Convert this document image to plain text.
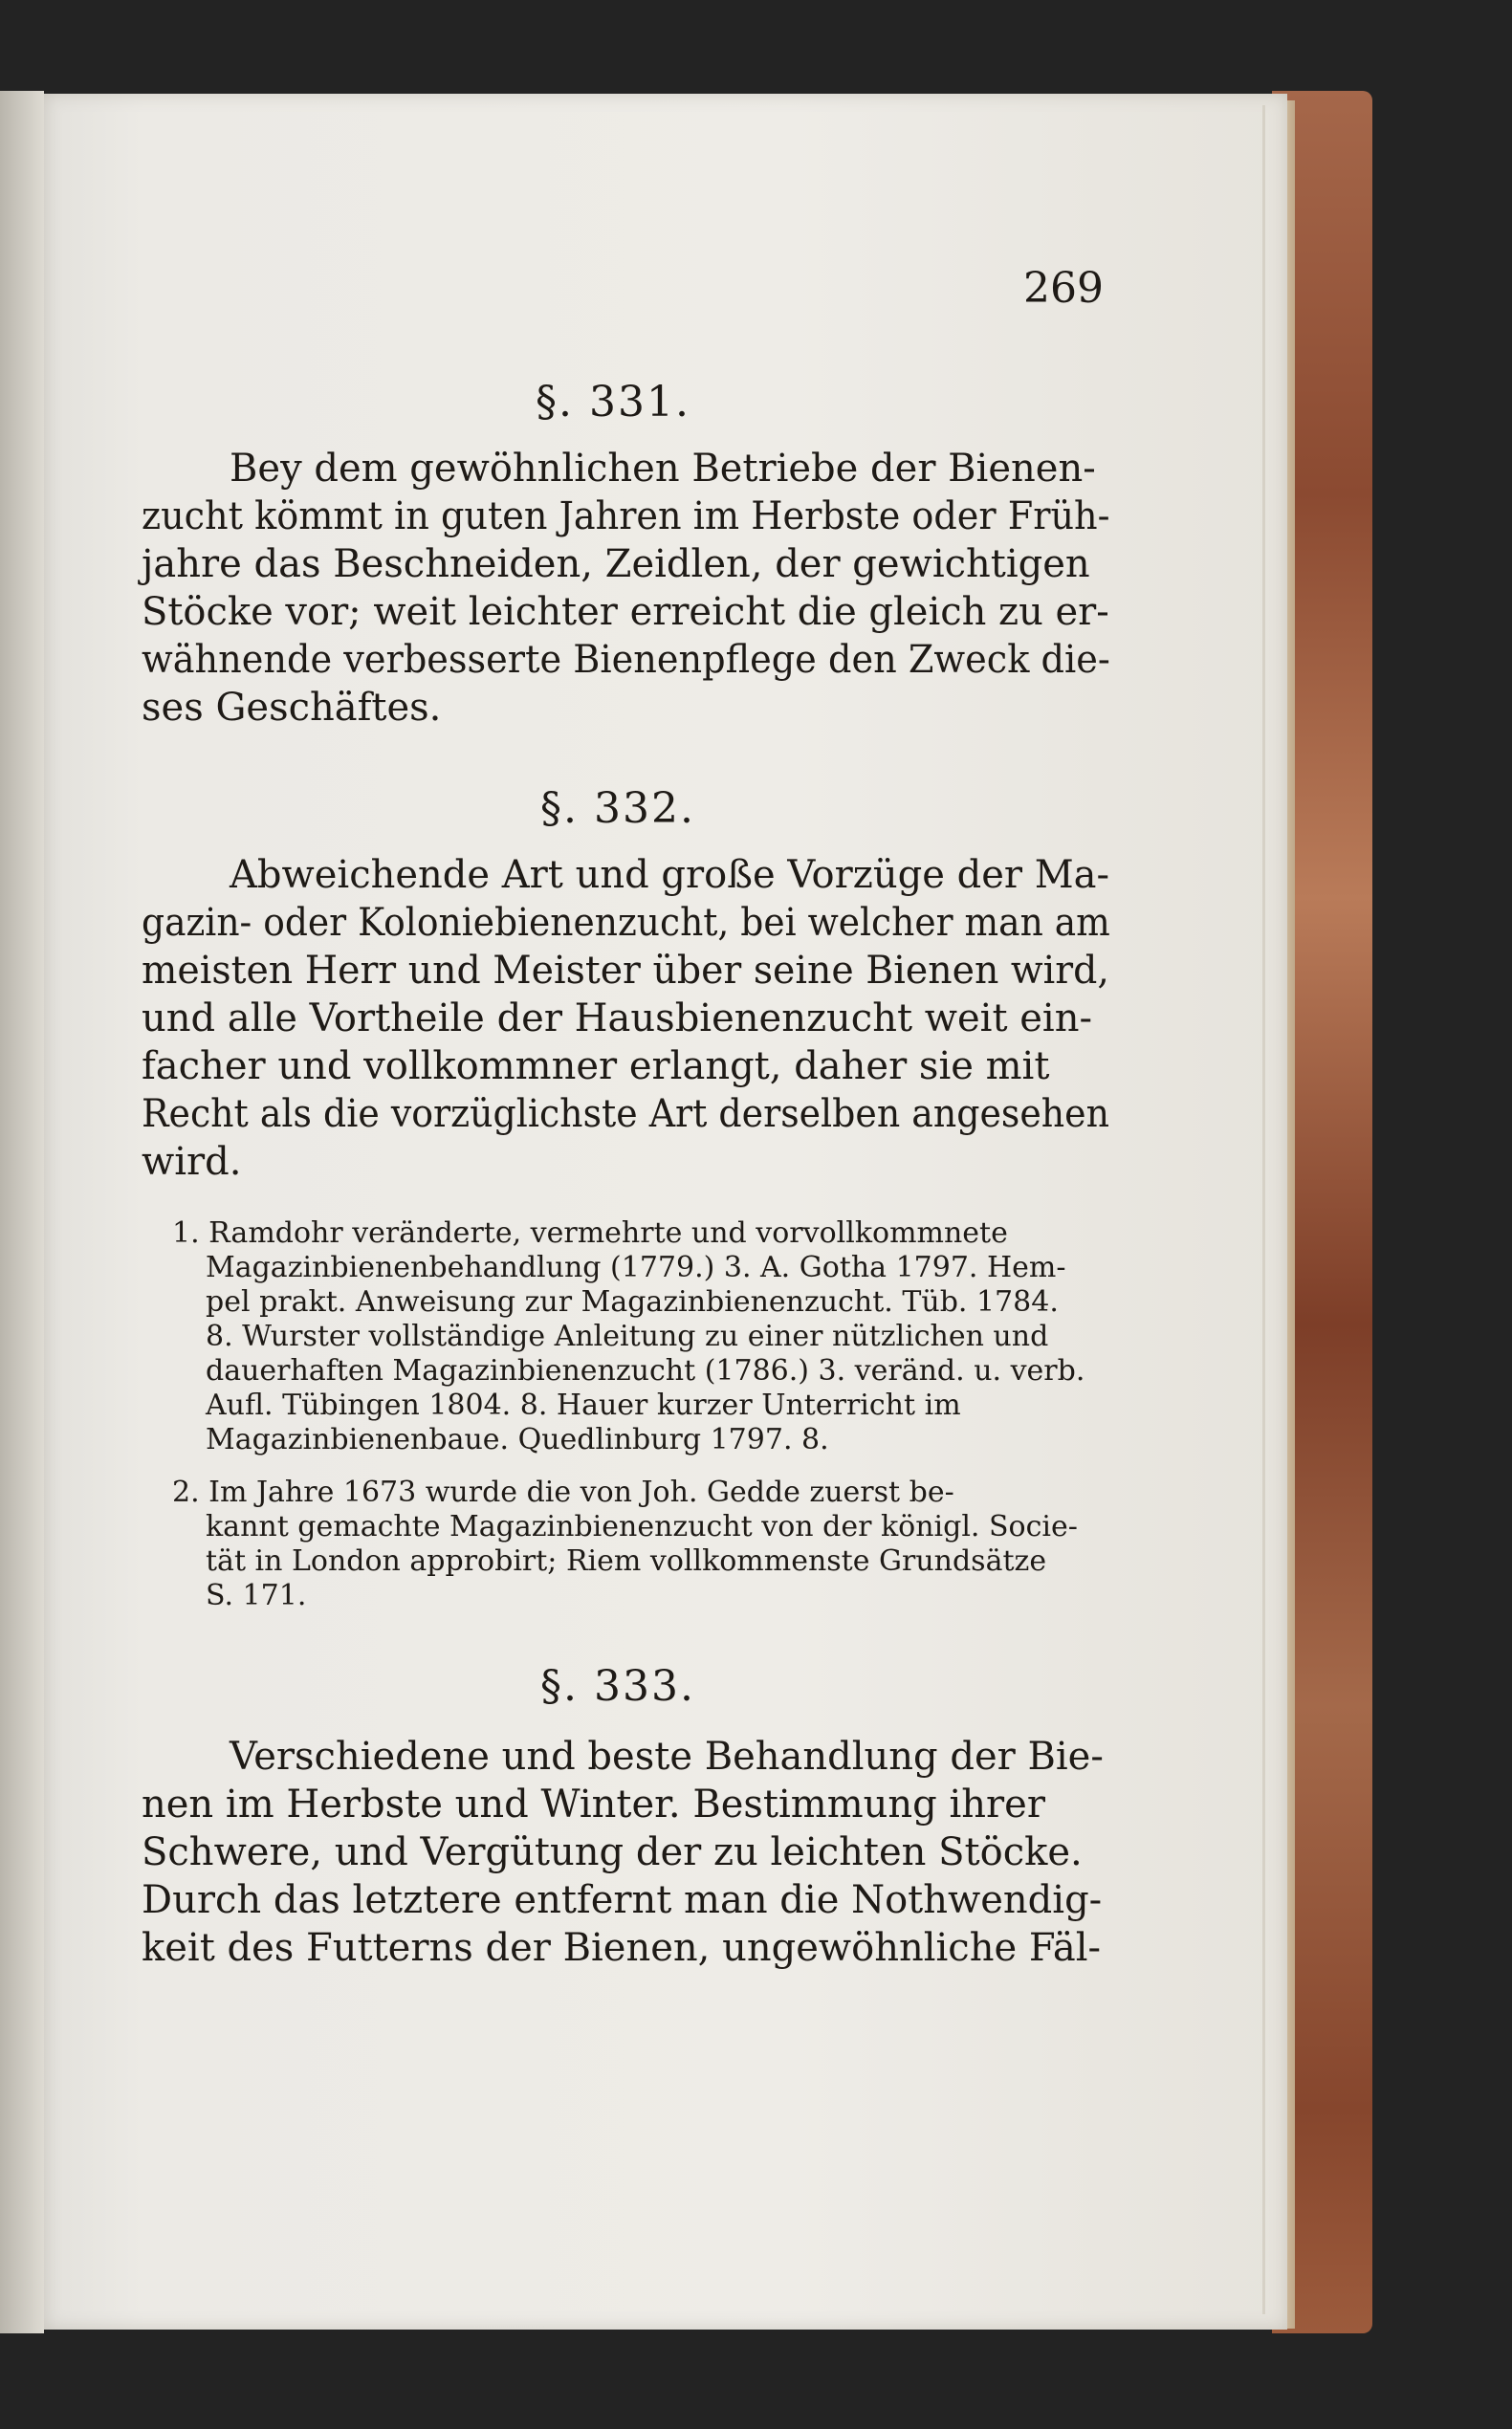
269
§. 331.
Bey dem gewöhnlichen Betriebe der Bienen-
zucht kömmt in guten Jahren im Herbste oder Früh-
jahre das Beschneiden, Zeidlen, der gewichtigen
Stöcke vor; weit leichter erreicht die gleich zu er-
wähnende verbesserte Bienenpflege den Zweck die-
ses Geschäftes.
§. 332.
Abweichende Art und große Vorzüge der Ma-
gazin- oder Koloniebienenzucht, bei welcher man am
meisten Herr und Meister über seine Bienen wird,
und alle Vortheile der Hausbienenzucht weit ein-
facher und vollkommner erlangt, daher sie mit
Recht als die vorzüglichste Art derselben angesehen
wird.
1. Ramdohr veränderte, vermehrte und vorvollkommnete
Magazinbienenbehandlung (1779.) 3. A. Gotha 1797. Hem-
pel prakt. Anweisung zur Magazinbienenzucht. Tüb. 1784.
8. Wurster vollständige Anleitung zu einer nützlichen und
dauerhaften Magazinbienenzucht (1786.) 3. veränd. u. verb.
Aufl. Tübingen 1804. 8. Hauer kurzer Unterricht im
Magazinbienenbaue. Quedlinburg 1797. 8.
2. Im Jahre 1673 wurde die von Joh. Gedde zuerst be-
kannt gemachte Magazinbienenzucht von der königl. Socie-
tät in London approbirt; Riem vollkommenste Grundsätze
S. 171.
§. 333.
Verschiedene und beste Behandlung der Bie-
nen im Herbste und Winter. Bestimmung ihrer
Schwere, und Vergütung der zu leichten Stöcke.
Durch das letztere entfernt man die Nothwendig-
keit des Futterns der Bienen, ungewöhnliche Fäl-
